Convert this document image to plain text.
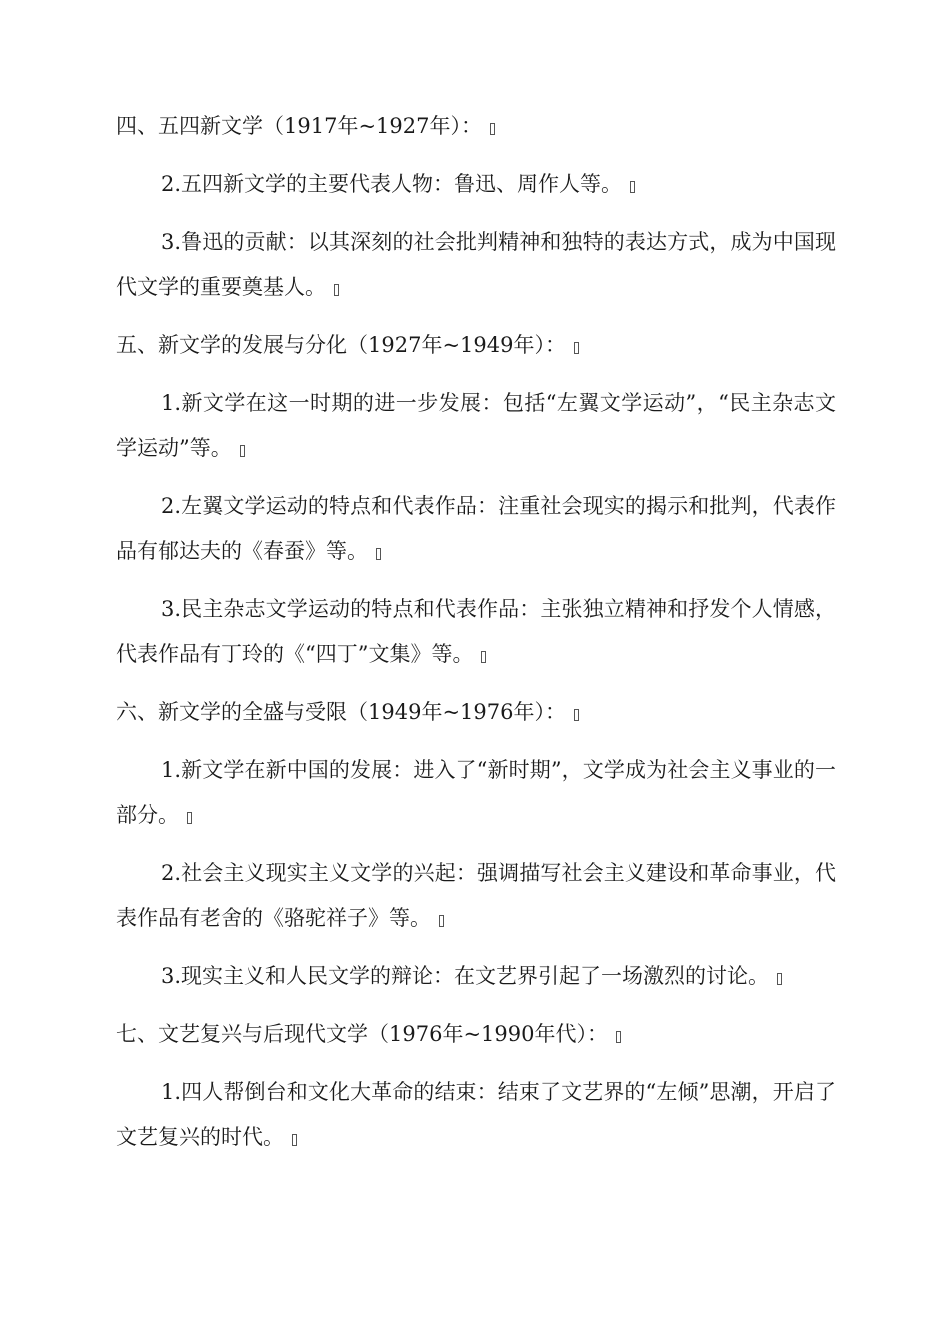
四、五四新文学（1917年~1927年）：

2.五四新文学的主要代表人物：鲁迅、周作人等。

3.鲁迅的贡献：以其深刻的社会批判精神和独特的表达方式，成为中国现代文学的重要奠基人。

五、新文学的发展与分化（1927年~1949年）：

1.新文学在这一时期的进一步发展：包括“左翼文学运动”，“民主杂志文学运动”等。

2.左翼文学运动的特点和代表作品：注重社会现实的揭示和批判，代表作品有郁达夫的《春蚕》等。

3.民主杂志文学运动的特点和代表作品：主张独立精神和抒发个人情感，代表作品有丁玲的《“四丁”文集》等。

六、新文学的全盛与受限（1949年~1976年）：

1.新文学在新中国的发展：进入了“新时期”，文学成为社会主义事业的一部分。

2.社会主义现实主义文学的兴起：强调描写社会主义建设和革命事业，代表作品有老舍的《骆驼祥子》等。

3.现实主义和人民文学的辩论：在文艺界引起了一场激烈的讨论。

七、文艺复兴与后现代文学（1976年~1990年代）：

1.四人帮倒台和文化大革命的结束：结束了文艺界的“左倾”思潮，开启了文艺复兴的时代。
